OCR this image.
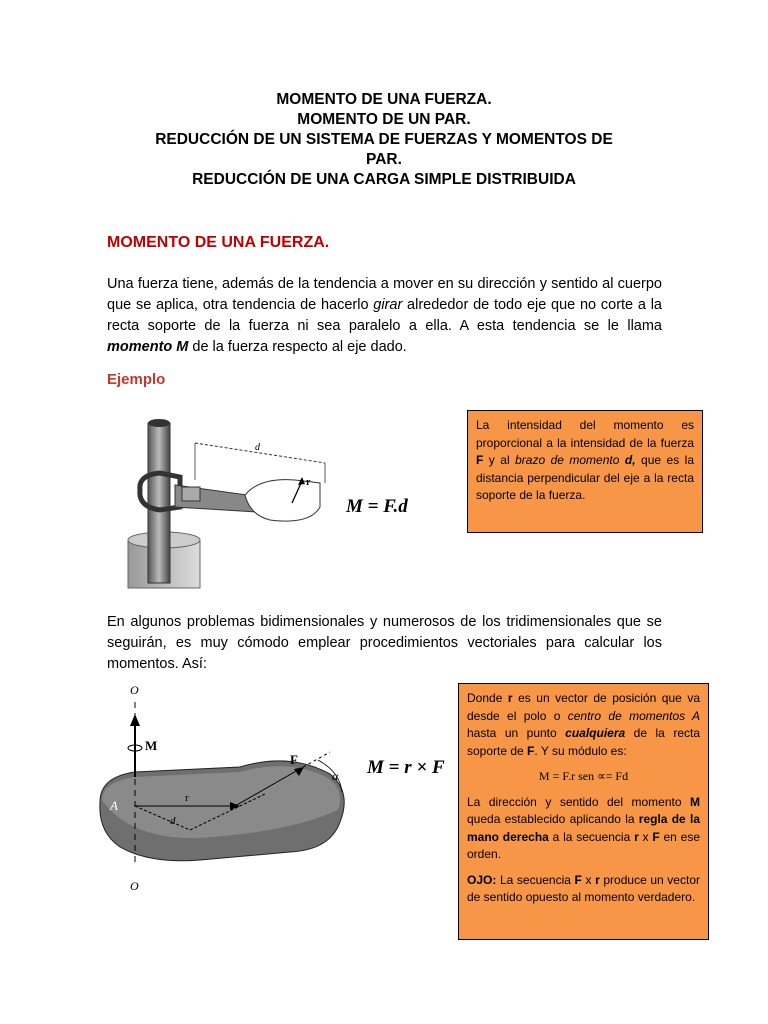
MOMENTO DE UNA FUERZA.
MOMENTO DE UN PAR.
REDUCCIÓN DE UN SISTEMA DE FUERZAS Y MOMENTOS DE
PAR.
REDUCCIÓN DE UNA CARGA SIMPLE DISTRIBUIDA
MOMENTO DE UNA FUERZA.
Una fuerza tiene, además de la tendencia a mover en su dirección y sentido al cuerpo que se aplica, otra tendencia de hacerlo girar alrededor de todo eje que no corte a la recta soporte de la fuerza ni sea paralelo a ella. A esta tendencia se le llama momento M de la fuerza respecto al eje dado.
Ejemplo
d
r
M = F.d
La intensidad del momento es proporcional a la intensidad de la fuerza F y al brazo de momento d, que es la distancia perpendicular del eje a la recta soporte de la fuerza.
En algunos problemas bidimensionales y numerosos de los tridimensionales que se seguirán, es muy cómodo emplear procedimientos vectoriales para calcular los momentos. Así:
O
M
r
F
α
A
d
O
M = r × F

Donde r es un vector de posición que va desde el polo o centro de momentos A hasta un punto cualquiera de la recta soporte de F. Y su módulo es:

M = F.r sen ∝= Fd

La dirección y sentido del momento M queda establecido aplicando la regla de la mano derecha a la secuencia r x F en ese orden.

OJO: La secuencia F x r produce un vector de sentido opuesto al momento verdadero.
